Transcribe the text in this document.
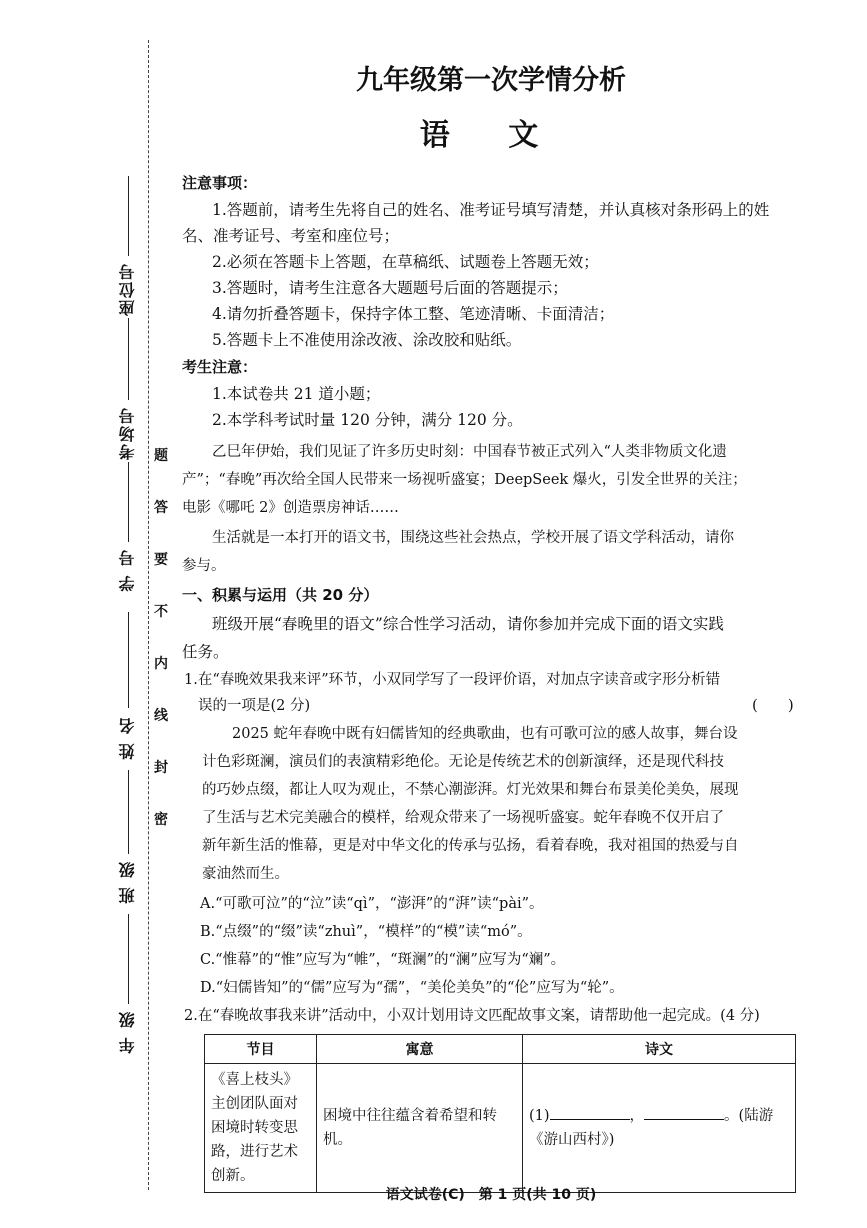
座位号
考场号
学 号
姓 名
班 级
年 级
题
答
要
不
内
线
封
密
九年级第一次学情分析
语 文
注意事项：
1.答题前，请考生先将自己的姓名、准考证号填写清楚，并认真核对条形码上的姓
名、准考证号、考室和座位号；
2.必须在答题卡上答题，在草稿纸、试题卷上答题无效；
3.答题时，请考生注意各大题题号后面的答题提示；
4.请勿折叠答题卡，保持字体工整、笔迹清晰、卡面清洁；
5.答题卡上不准使用涂改液、涂改胶和贴纸。
考生注意：
1.本试卷共 21 道小题；
2.本学科考试时量 120 分钟，满分 120 分。
乙巳年伊始，我们见证了许多历史时刻：中国春节被正式列入“人类非物质文化遗
产”；“春晚”再次给全国人民带来一场视听盛宴；DeepSeek 爆火，引发全世界的关注；
电影《哪吒 2》创造票房神话……
生活就是一本打开的语文书，围绕这些社会热点，学校开展了语文学科活动，请你
参与。
一、积累与运用（共 20 分）
班级开展“春晚里的语文”综合性学习活动，请你参加并完成下面的语文实践
任务。
1.在“春晚效果我来评”环节，小双同学写了一段评价语，对加点字读音或字形分析错
误的一项是(2 分)	(　　)
2025 蛇年春晚中既有妇儒皆知的经典歌曲，也有可歌可泣的感人故事，舞台设
计色彩斑澜，演员们的表演精彩绝伦。无论是传统艺术的创新演绎，还是现代科技
的巧妙点缀，都让人叹为观止，不禁心潮澎湃。灯光效果和舞台布景美伦美奂，展现
了生活与艺术完美融合的模样，给观众带来了一场视听盛宴。蛇年春晚不仅开启了
新年新生活的惟幕，更是对中华文化的传承与弘扬，看着春晚，我对祖国的热爱与自
豪油然而生。
A.“可歌可泣”的“泣”读“qì”，“澎湃”的“湃”读“pài”。
B.“点缀”的“缀”读“zhuì”，“模样”的“模”读“mó”。
C.“惟幕”的“惟”应写为“帷”，“斑澜”的“澜”应写为“斓”。
D.“妇儒皆知”的“儒”应写为“孺”，“美伦美奂”的“伦”应写为“轮”。
2.在“春晚故事我来讲”活动中，小双计划用诗文匹配故事文案，请帮助他一起完成。(4 分)
节目	寓意	诗文
《喜上枝头》主创团队面对困境时转变思路，进行艺术创新。	困境中往往蕴含着希望和转机。	(1) ， 。(陆游《游山西村》)
语文试卷(C)　第 1 页(共 10 页)
